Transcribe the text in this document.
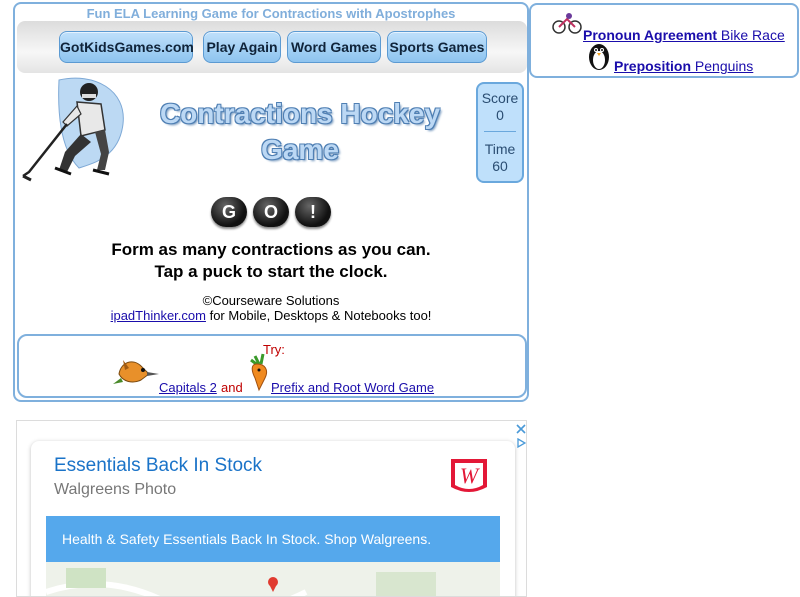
Fun ELA Learning Game for Contractions with Apostrophes
GotKidsGames.com Play Again Word Games Sports Games
Contractions Hockey
Game
Score
0
Time
60
G	O	!
Form as many contractions as you can.
Tap a puck to start the clock.
©Courseware Solutions
ipadThinker.com for Mobile, Desktops & Notebooks too!
Try:
Capitals 2 and Prefix and Root Word Game
Pronoun Agreement Bike Race
Preposition Penguins
Essentials Back In Stock
Walgreens Photo
W
Health & Safety Essentials Back In Stock. Shop Walgreens.
